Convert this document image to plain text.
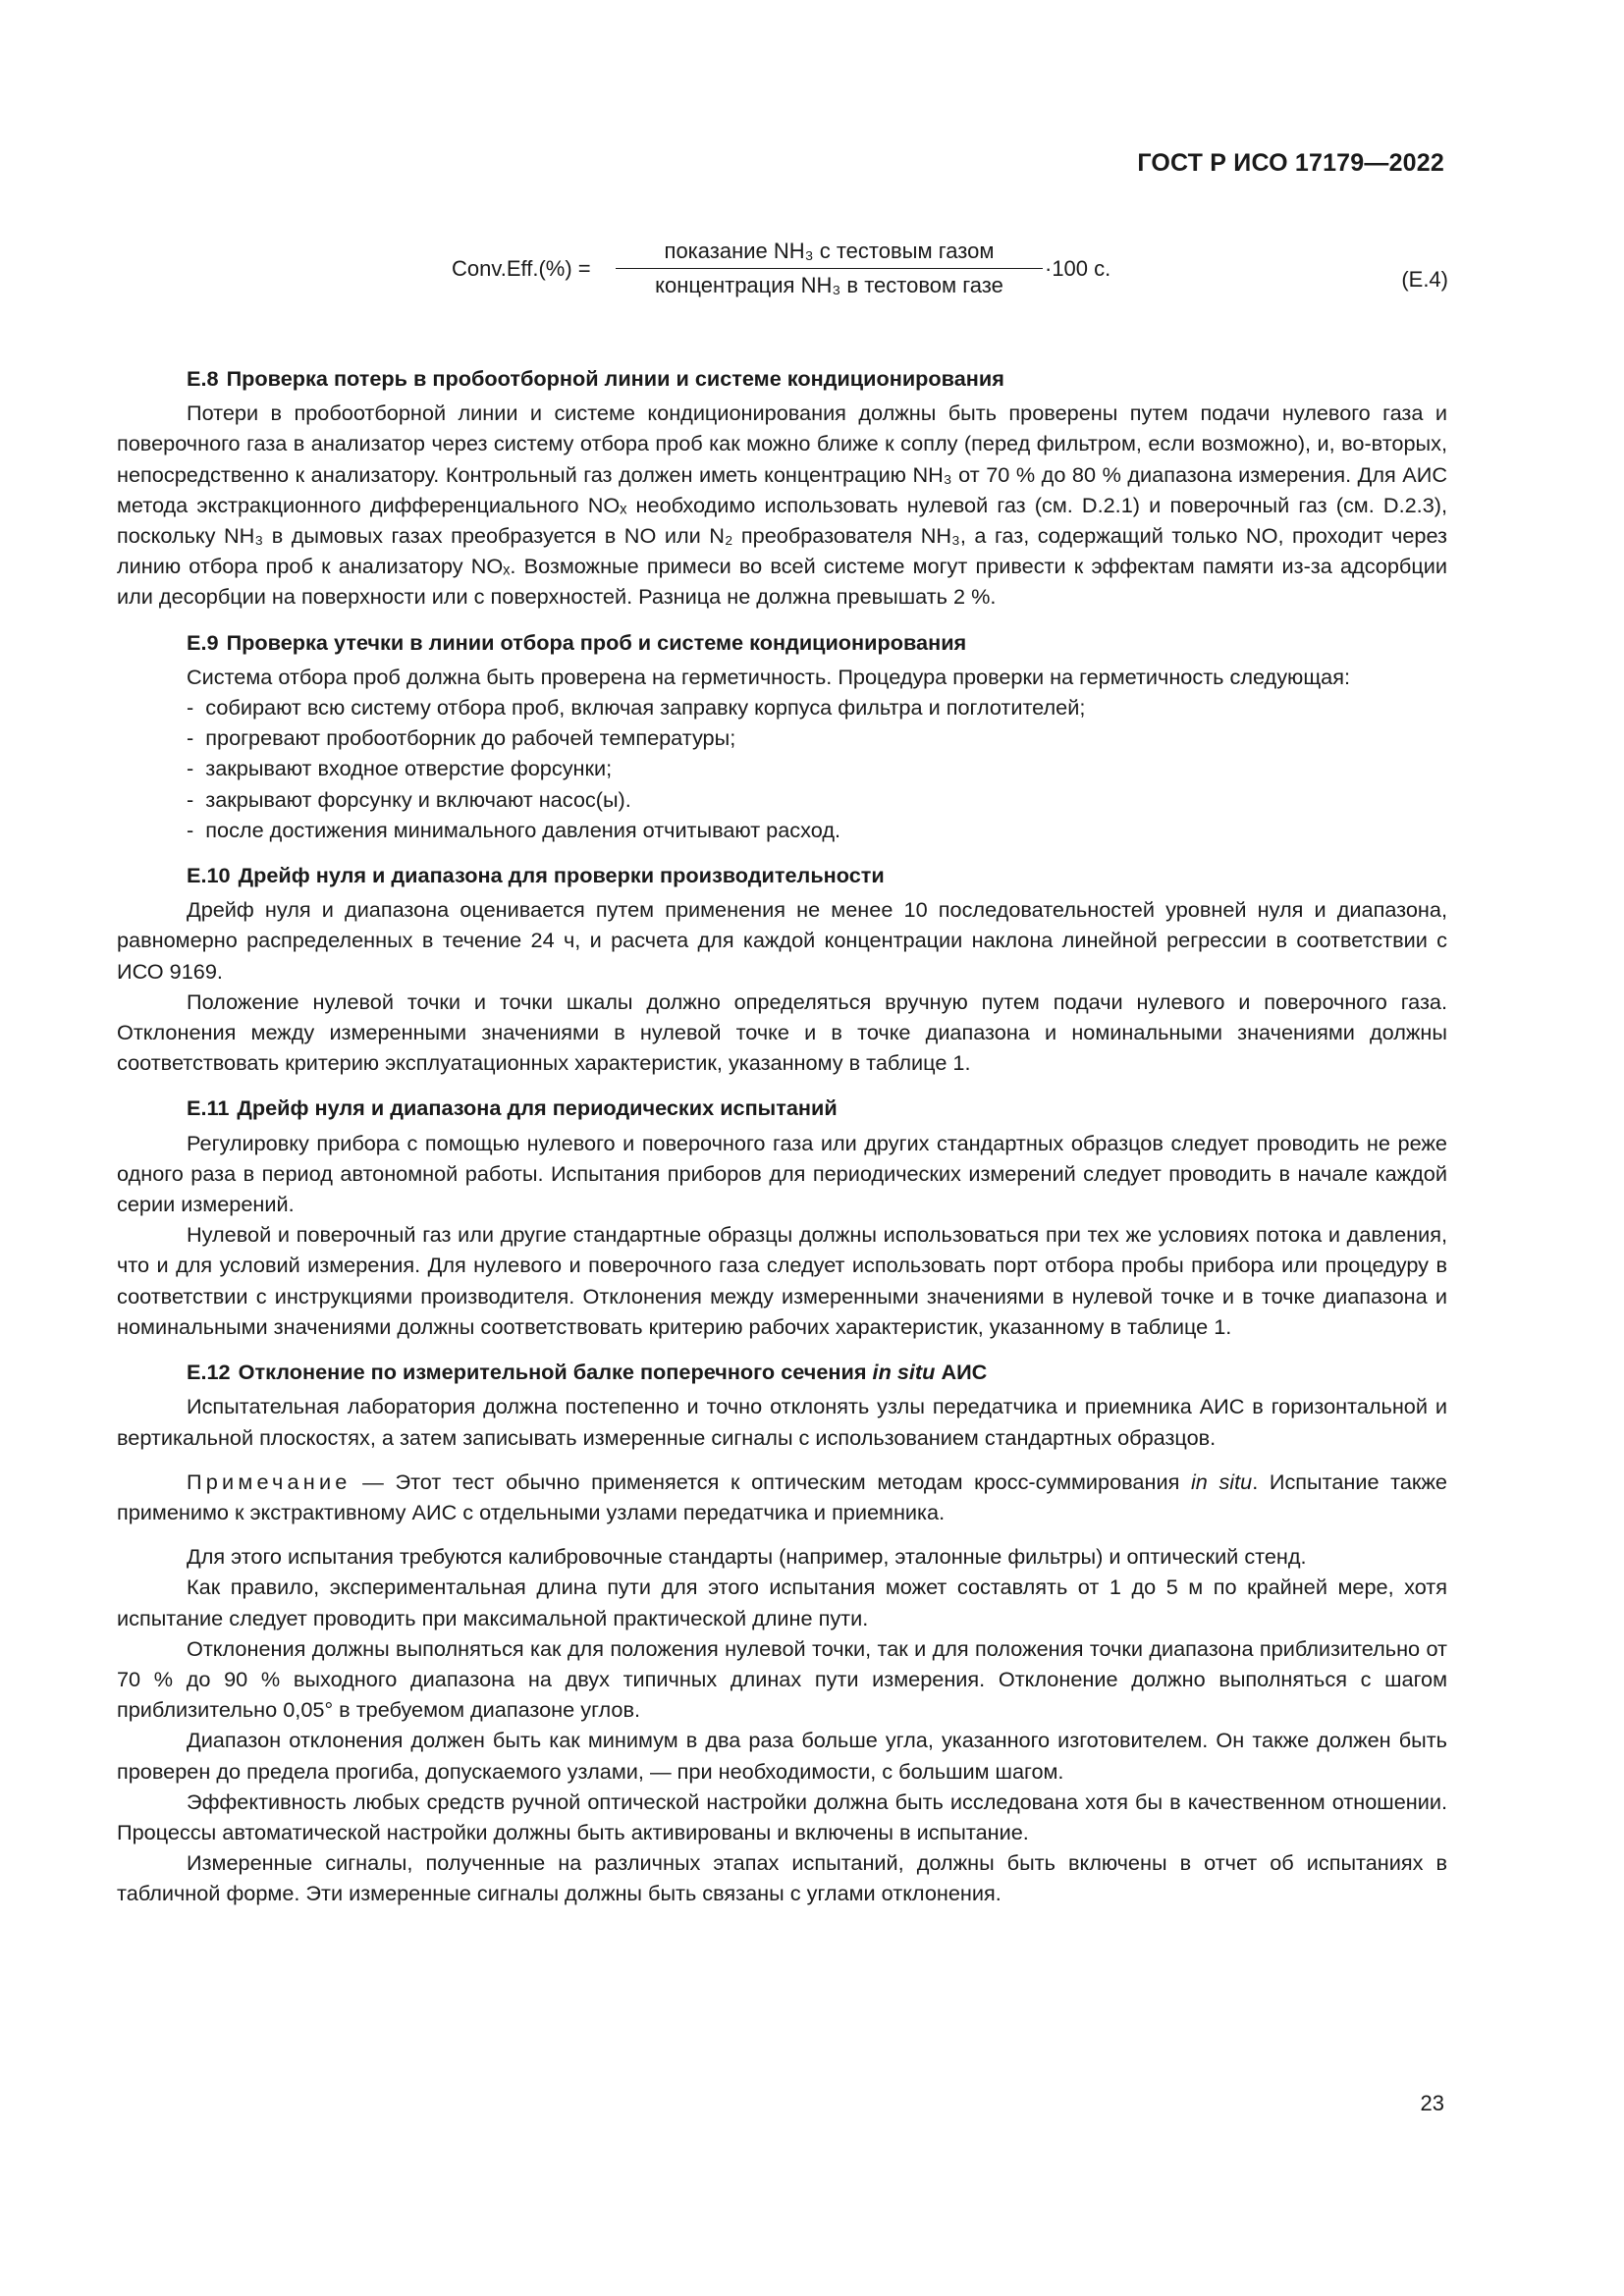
ГОСТ Р ИСО 17179—2022
Conv.Eff.(%) =
показание NH₃ с тестовым газом
концентрация NH₃ в тестовом газе
·100 с.	(E.4)
E.8 Проверка потерь в пробоотборной линии и системе кондиционирования

Потери в пробоотборной линии и системе кондиционирования должны быть проверены путем подачи нулевого газа и поверочного газа в анализатор через систему отбора проб как можно ближе к соплу (перед фильтром, если возможно), и, во-вторых, непосредственно к анализатору. Контрольный газ должен иметь концентрацию NH₃ от 70 % до 80 % диапазона измерения. Для АИС метода экстракционного дифференциального NOₓ необходимо использовать нулевой газ (см. D.2.1) и поверочный газ (см. D.2.3), поскольку NH₃ в дымовых газах преобразуется в NO или N₂ преобразователя NH₃, а газ, содержащий только NO, проходит через линию отбора проб к анализатору NOₓ. Возможные примеси во всей системе могут привести к эффектам памяти из-за адсорбции или десорбции на поверхности или с поверхностей. Разница не должна превышать 2 %.

E.9 Проверка утечки в линии отбора проб и системе кондиционирования

Система отбора проб должна быть проверена на герметичность. Процедура проверки на герметичность следующая:

-  собирают всю систему отбора проб, включая заправку корпуса фильтра и поглотителей;
-  прогревают пробоотборник до рабочей температуры;
-  закрывают входное отверстие форсунки;
-  закрывают форсунку и включают насос(ы).
-  после достижения минимального давления отчитывают расход.
E.10 Дрейф нуля и диапазона для проверки производительности

Дрейф нуля и диапазона оценивается путем применения не менее 10 последовательностей уровней нуля и диапазона, равномерно распределенных в течение 24 ч, и расчета для каждой концентрации наклона линейной регрессии в соответствии с ИСО 9169.

Положение нулевой точки и точки шкалы должно определяться вручную путем подачи нулевого и поверочного газа. Отклонения между измеренными значениями в нулевой точке и в точке диапазона и номинальными значениями должны соответствовать критерию эксплуатационных характеристик, указанному в таблице 1.

E.11 Дрейф нуля и диапазона для периодических испытаний

Регулировку прибора с помощью нулевого и поверочного газа или других стандартных образцов следует проводить не реже одного раза в период автономной работы. Испытания приборов для периодических измерений следует проводить в начале каждой серии измерений.

Нулевой и поверочный газ или другие стандартные образцы должны использоваться при тех же условиях потока и давления, что и для условий измерения. Для нулевого и поверочного газа следует использовать порт отбора пробы прибора или процедуру в соответствии с инструкциями производителя. Отклонения между измеренными значениями в нулевой точке и в точке диапазона и номинальными значениями должны соответствовать критерию рабочих характеристик, указанному в таблице 1.

E.12 Отклонение по измерительной балке поперечного сечения in situ АИС

Испытательная лаборатория должна постепенно и точно отклонять узлы передатчика и приемника АИС в горизонтальной и вертикальной плоскостях, а затем записывать измеренные сигналы с использованием стандартных образцов.

Примечание — Этот тест обычно применяется к оптическим методам кросс-суммирования in situ. Испытание также применимо к экстрактивному АИС с отдельными узлами передатчика и приемника.

Для этого испытания требуются калибровочные стандарты (например, эталонные фильтры) и оптический стенд.

Как правило, экспериментальная длина пути для этого испытания может составлять от 1 до 5 м по крайней мере, хотя испытание следует проводить при максимальной практической длине пути.

Отклонения должны выполняться как для положения нулевой точки, так и для положения точки диапазона приблизительно от 70 % до 90 % выходного диапазона на двух типичных длинах пути измерения. Отклонение должно выполняться с шагом приблизительно 0,05° в требуемом диапазоне углов.

Диапазон отклонения должен быть как минимум в два раза больше угла, указанного изготовителем. Он также должен быть проверен до предела прогиба, допускаемого узлами, — при необходимости, с большим шагом.

Эффективность любых средств ручной оптической настройки должна быть исследована хотя бы в качественном отношении. Процессы автоматической настройки должны быть активированы и включены в испытание.

Измеренные сигналы, полученные на различных этапах испытаний, должны быть включены в отчет об испытаниях в табличной форме. Эти измеренные сигналы должны быть связаны с углами отклонения.

23
